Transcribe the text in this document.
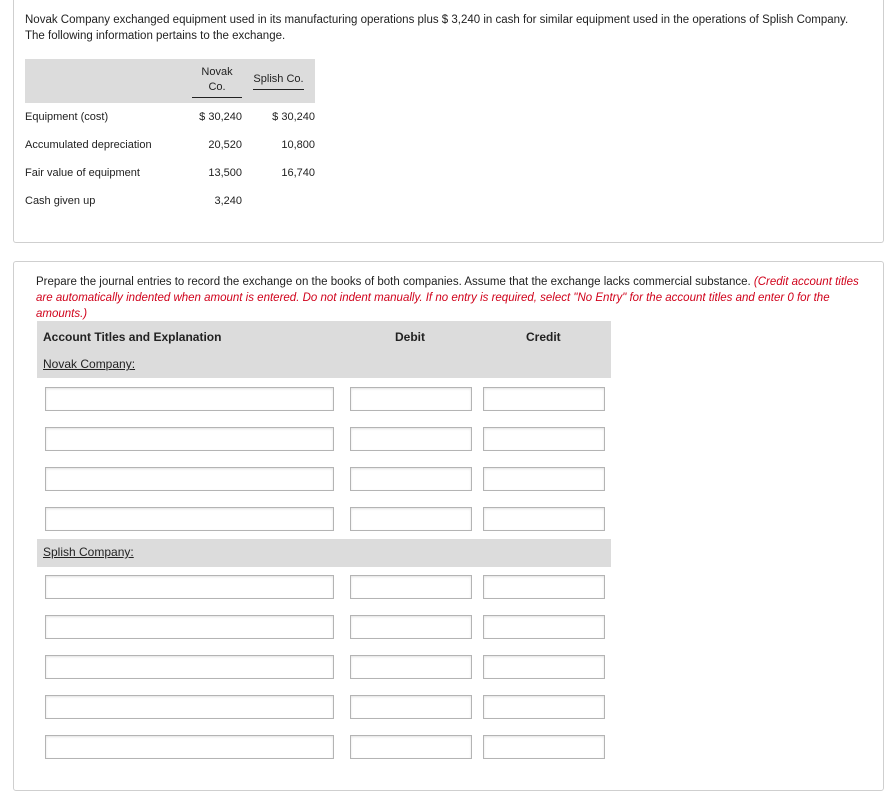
Novak Company exchanged equipment used in its manufacturing operations plus $ 3,240 in cash for similar equipment used in the operations of Splish Company. The following information pertains to the exchange.
	Novak Co.	Splish Co.
Equipment (cost)	$ 30,240	$ 30,240
Accumulated depreciation	20,520	10,800
Fair value of equipment	13,500	16,740
Cash given up	3,240	
Prepare the journal entries to record the exchange on the books of both companies. Assume that the exchange lacks commercial substance. (Credit account titles are automatically indented when amount is entered. Do not indent manually. If no entry is required, select "No Entry" for the account titles and enter 0 for the amounts.)
Account Titles and Explanation	Debit	Credit
Novak Company:
Splish Company:
